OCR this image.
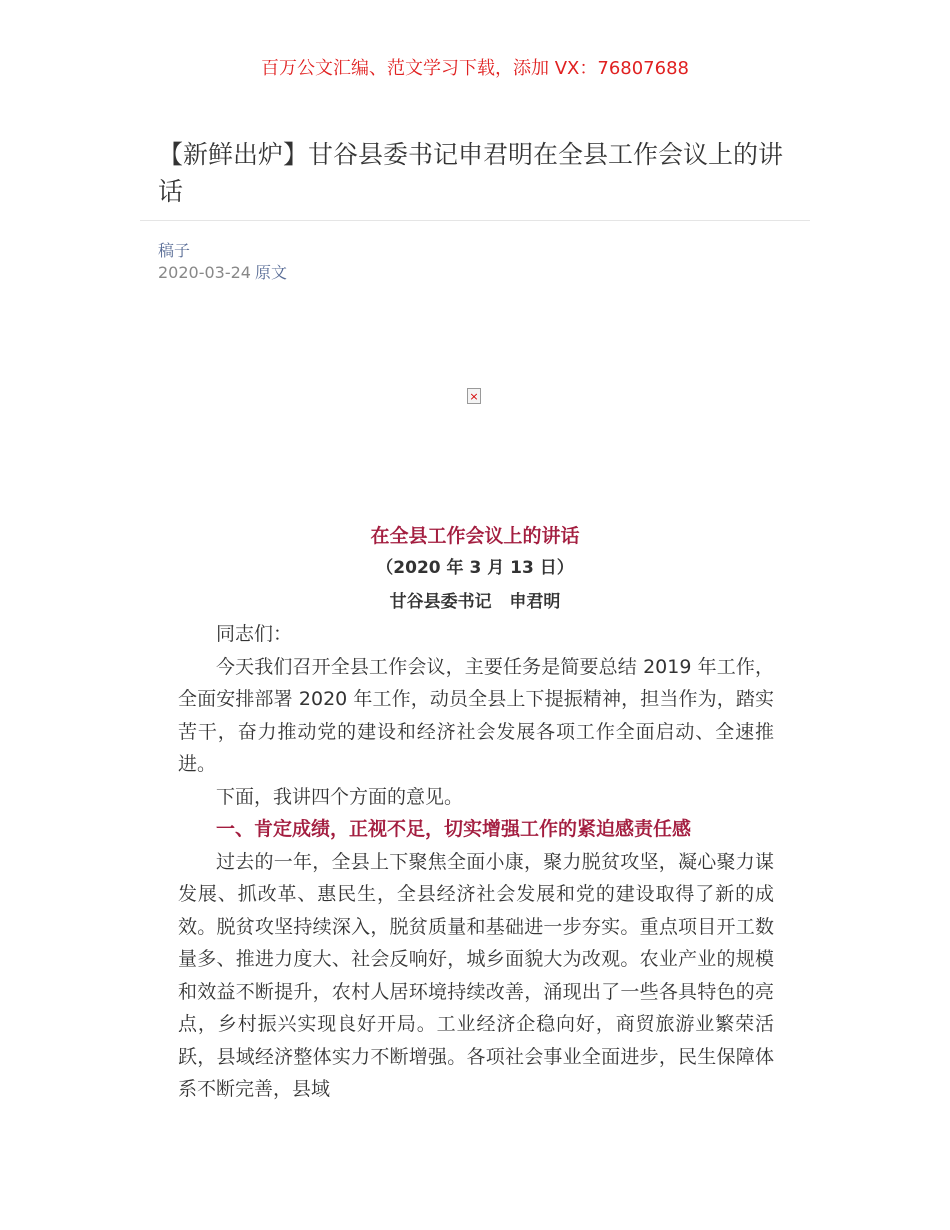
百万公文汇编、范文学习下载，添加 VX：76807688
【新鲜出炉】甘谷县委书记申君明在全县工作会议上的讲话
稿子
2020-03-24 原文
×
在全县工作会议上的讲话
（2020 年 3 月 13 日）
甘谷县委书记   申君明

同志们：

今天我们召开全县工作会议，主要任务是简要总结 2019 年工作，全面安排部署 2020 年工作，动员全县上下提振精神，担当作为，踏实苦干，奋力推动党的建设和经济社会发展各项工作全面启动、全速推进。

下面，我讲四个方面的意见。

一、肯定成绩，正视不足，切实增强工作的紧迫感责任感

过去的一年，全县上下聚焦全面小康，聚力脱贫攻坚，凝心聚力谋发展、抓改革、惠民生，全县经济社会发展和党的建设取得了新的成效。脱贫攻坚持续深入，脱贫质量和基础进一步夯实。重点项目开工数量多、推进力度大、社会反响好，城乡面貌大为改观。农业产业的规模和效益不断提升，农村人居环境持续改善，涌现出了一些各具特色的亮点，乡村振兴实现良好开局。工业经济企稳向好，商贸旅游业繁荣活跃，县域经济整体实力不断增强。各项社会事业全面进步，民生保障体系不断完善，县域
